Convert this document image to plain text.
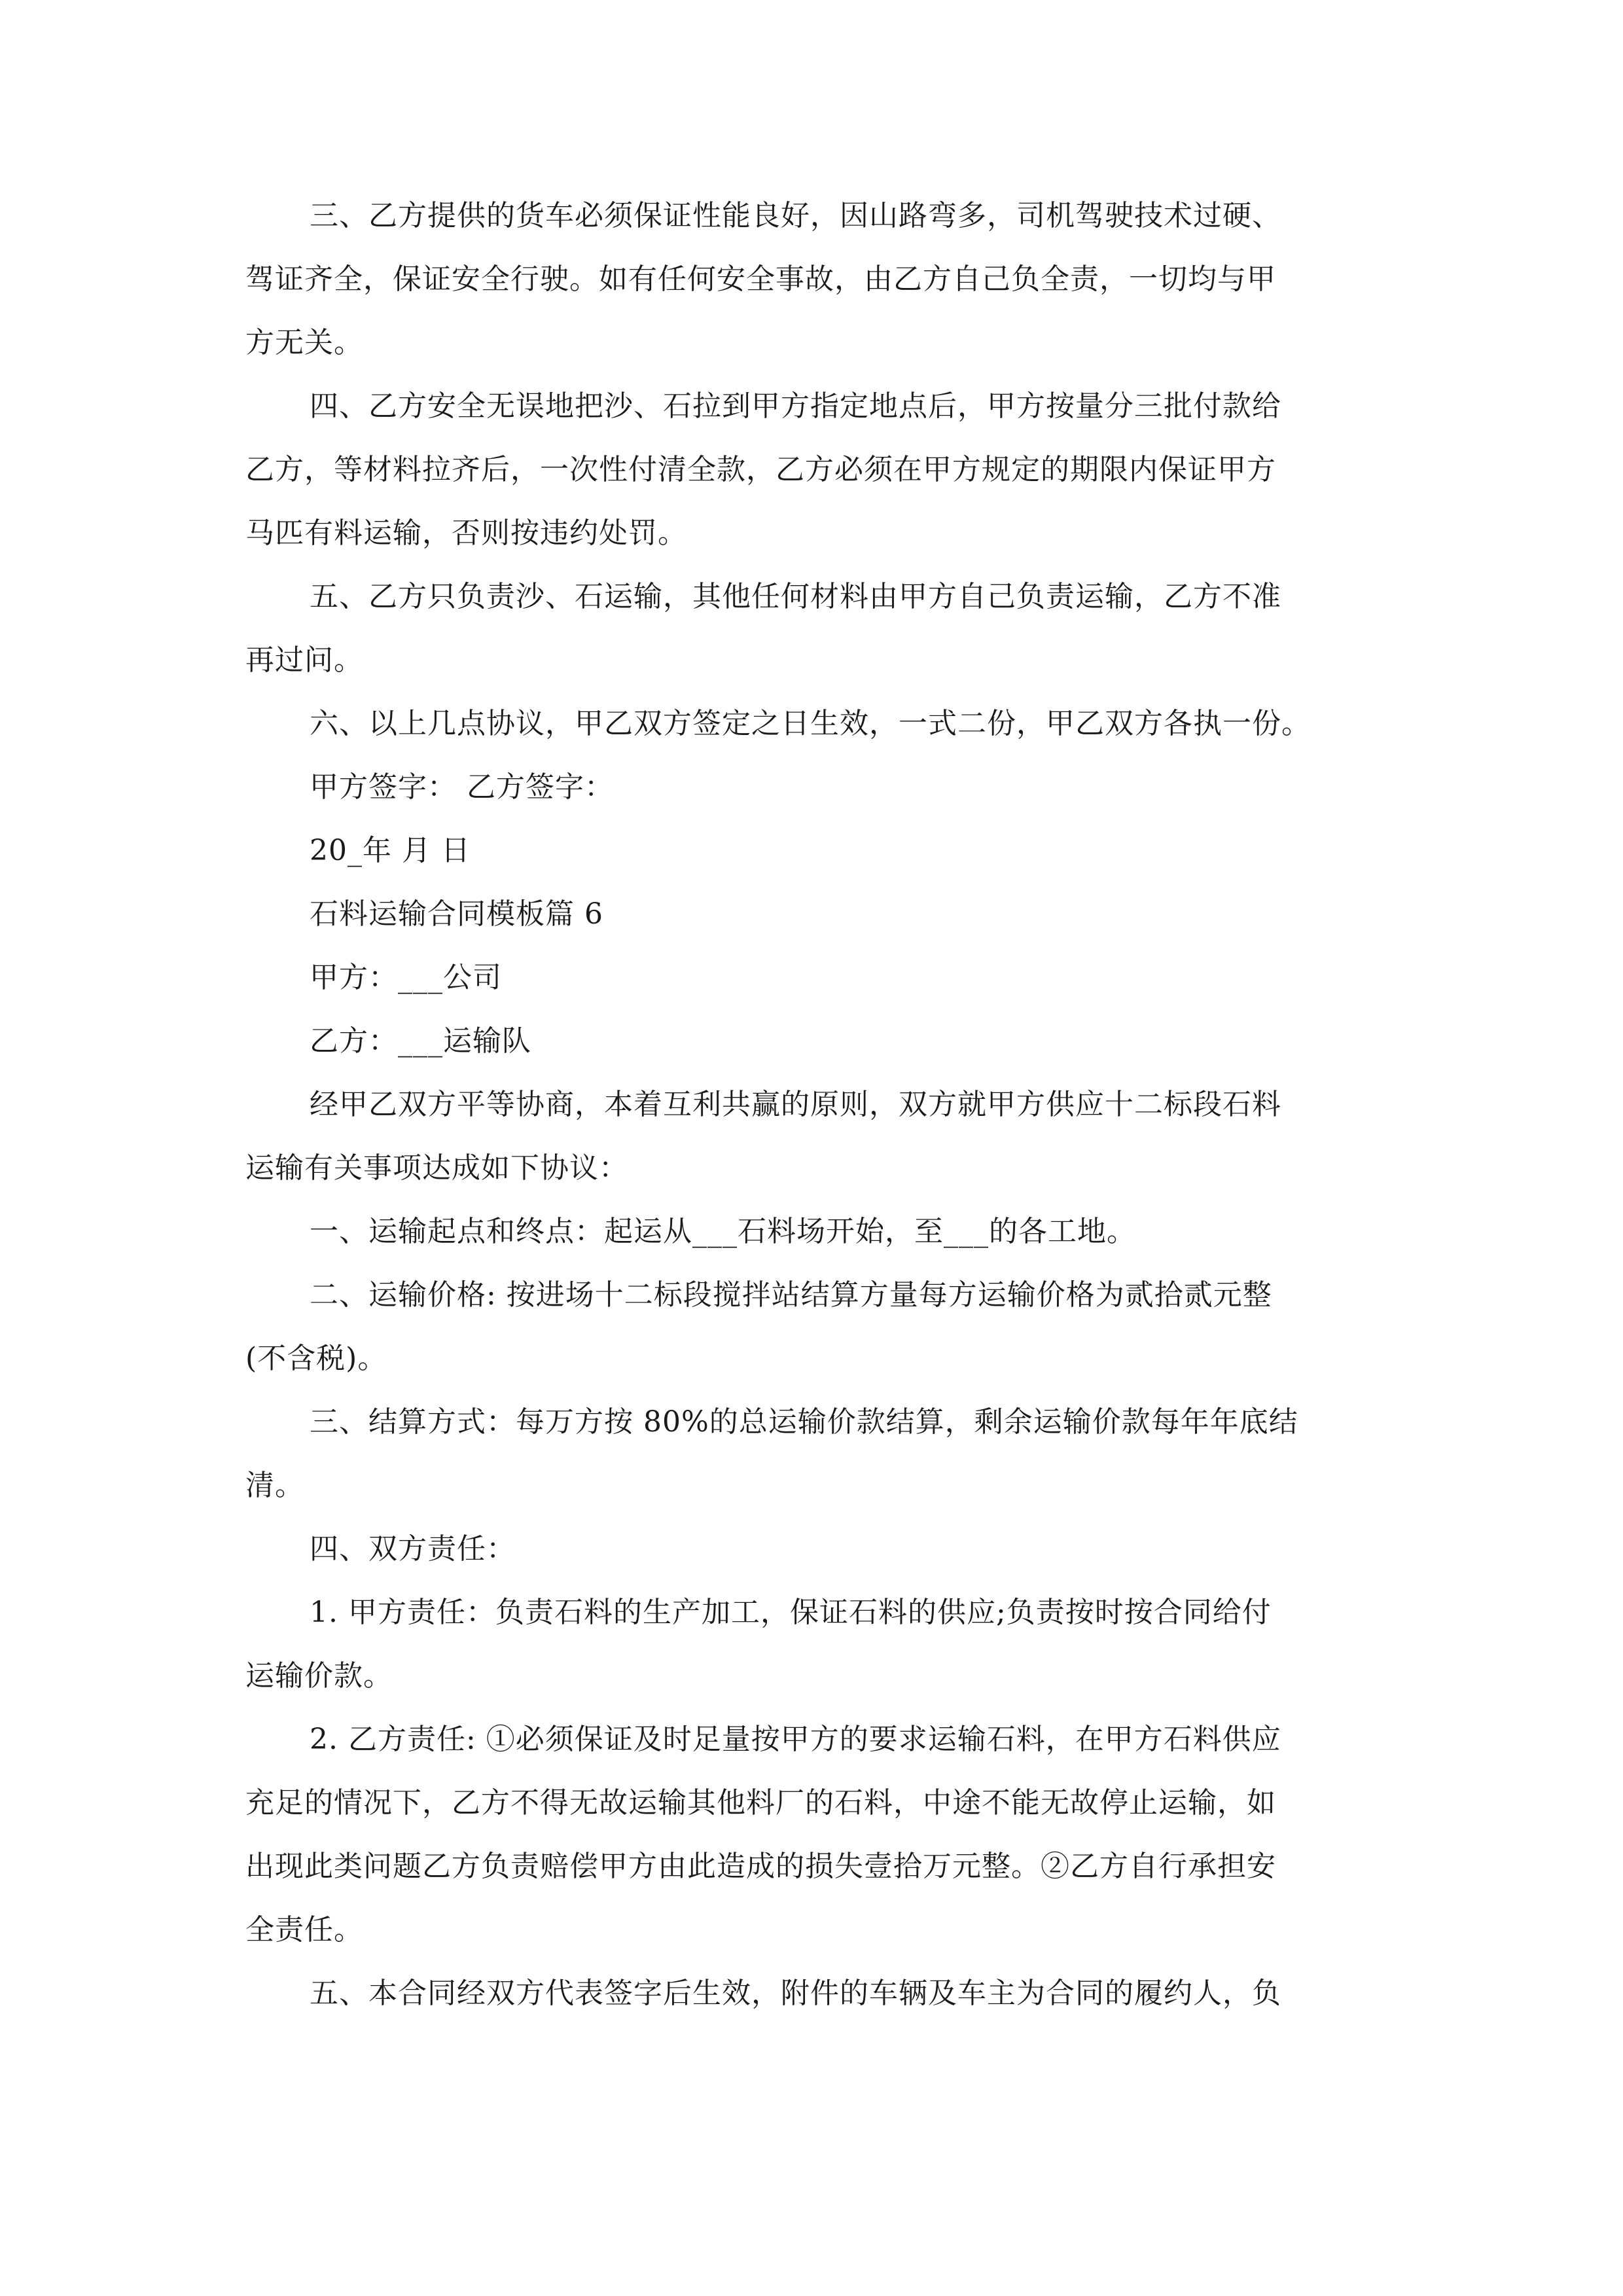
三、乙方提供的货车必须保证性能良好，因山路弯多，司机驾驶技术过硬、
驾证齐全，保证安全行驶。如有任何安全事故，由乙方自己负全责，一切均与甲
方无关。
四、乙方安全无误地把沙、石拉到甲方指定地点后，甲方按量分三批付款给
乙方，等材料拉齐后，一次性付清全款，乙方必须在甲方规定的期限内保证甲方
马匹有料运输，否则按违约处罚。
五、乙方只负责沙、石运输，其他任何材料由甲方自己负责运输，乙方不准
再过问。
六、以上几点协议，甲乙双方签定之日生效，一式二份，甲乙双方各执一份。
甲方签字： 乙方签字：
20_年 月 日
石料运输合同模板篇 6
甲方：___公司
乙方：___运输队
经甲乙双方平等协商，本着互利共赢的原则，双方就甲方供应十二标段石料
运输有关事项达成如下协议：
一、运输起点和终点：起运从___石料场开始，至___的各工地。
二、运输价格: 按进场十二标段搅拌站结算方量每方运输价格为贰拾贰元整
(不含税)。
三、结算方式：每万方按 80%的总运输价款结算，剩余运输价款每年年底结
清。
四、双方责任：
1. 甲方责任：负责石料的生产加工，保证石料的供应;负责按时按合同给付
运输价款。
2. 乙方责任: ①必须保证及时足量按甲方的要求运输石料，在甲方石料供应
充足的情况下，乙方不得无故运输其他料厂的石料，中途不能无故停止运输，如
出现此类问题乙方负责赔偿甲方由此造成的损失壹拾万元整。②乙方自行承担安
全责任。
五、本合同经双方代表签字后生效，附件的车辆及车主为合同的履约人，负
